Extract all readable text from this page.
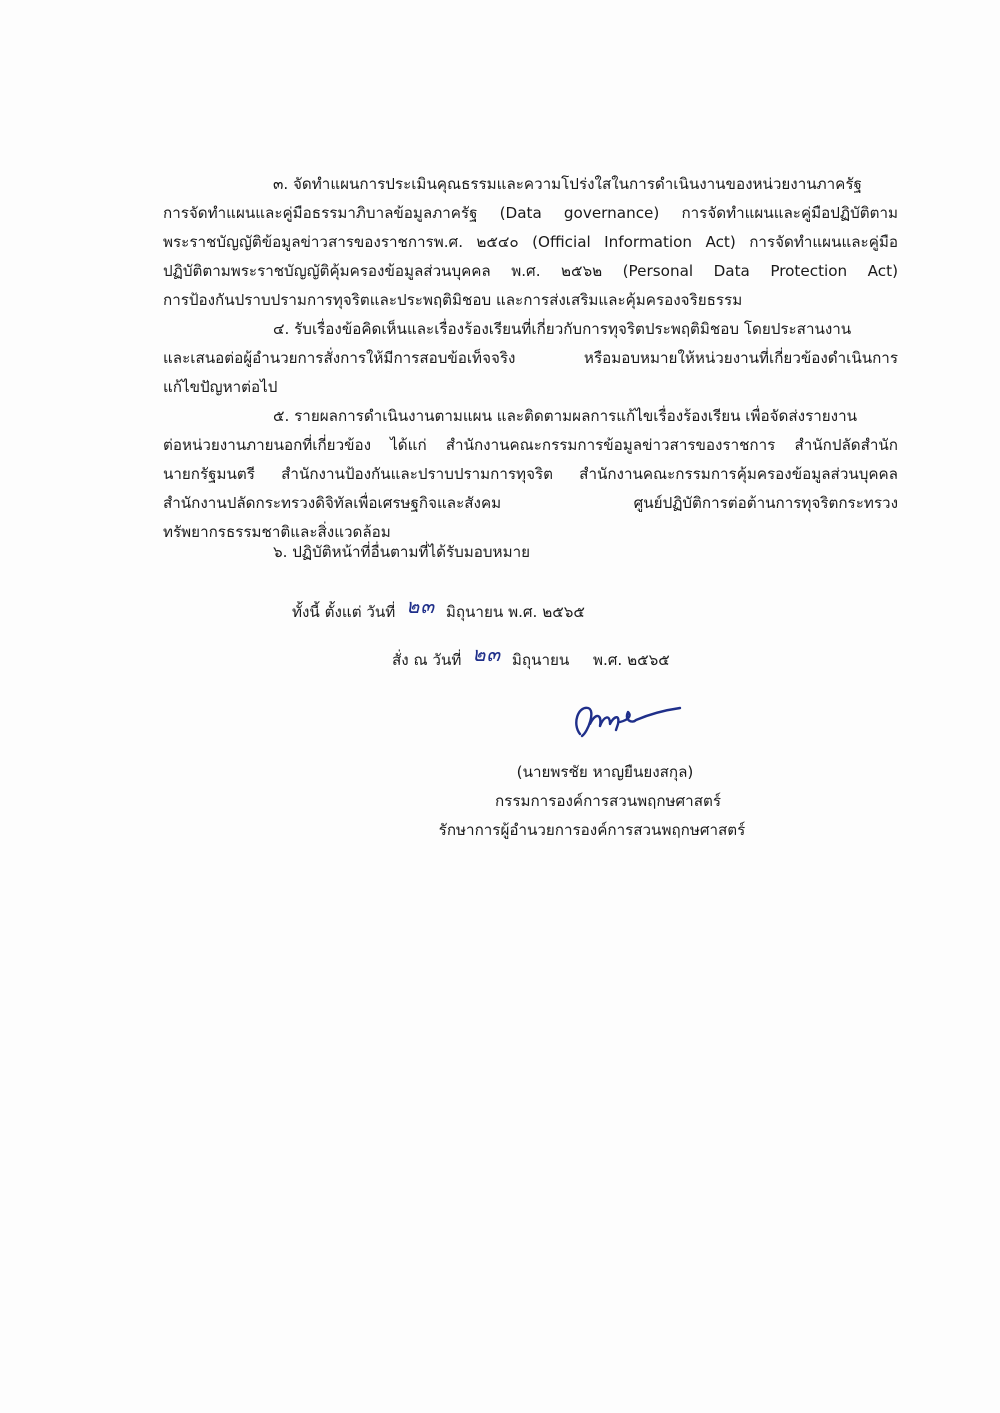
๓. จัดทำแผนการประเมินคุณธรรมและความโปร่งใสในการดำเนินงานของหน่วยงานภาครัฐ
การจัดทำแผนและคู่มือธรรมาภิบาลข้อมูลภาครัฐ (Data governance) การจัดทำแผนและคู่มือปฏิบัติตาม
พระราชบัญญัติข้อมูลข่าวสารของราชการพ.ศ. ๒๕๔๐ (Official Information Act) การจัดทำแผนและคู่มือ
ปฏิบัติตามพระราชบัญญัติคุ้มครองข้อมูลส่วนบุคคล พ.ศ. ๒๕๖๒ (Personal Data Protection Act)
การป้องกันปราบปรามการทุจริตและประพฤติมิชอบ และการส่งเสริมและคุ้มครองจริยธรรม
๔. รับเรื่องข้อคิดเห็นและเรื่องร้องเรียนที่เกี่ยวกับการทุจริตประพฤติมิชอบ โดยประสานงาน
และเสนอต่อผู้อำนวยการสั่งการให้มีการสอบข้อเท็จจริง หรือมอบหมายให้หน่วยงานที่เกี่ยวข้องดำเนินการ
แก้ไขปัญหาต่อไป
๕. รายผลการดำเนินงานตามแผน และติดตามผลการแก้ไขเรื่องร้องเรียน เพื่อจัดส่งรายงาน
ต่อหน่วยงานภายนอกที่เกี่ยวข้อง ได้แก่ สำนักงานคณะกรรมการข้อมูลข่าวสารของราชการ สำนักปลัดสำนัก
นายกรัฐมนตรี สำนักงานป้องกันและปราบปรามการทุจริต สำนักงานคณะกรรมการคุ้มครองข้อมูลส่วนบุคคล
สำนักงานปลัดกระทรวงดิจิทัลเพื่อเศรษฐกิจและสังคม ศูนย์ปฏิบัติการต่อต้านการทุจริตกระทรวง
ทรัพยากรธรรมชาติและสิ่งแวดล้อม
๖. ปฏิบัติหน้าที่อื่นตามที่ได้รับมอบหมาย
ทั้งนี้ ตั้งแต่ วันที่ ๒๓ มิถุนายน พ.ศ. ๒๕๖๕
สั่ง ณ วันที่ ๒๓ มิถุนายน พ.ศ. ๒๕๖๕
(นายพรชัย หาญยืนยงสกุล)
กรรมการองค์การสวนพฤกษศาสตร์
รักษาการผู้อำนวยการองค์การสวนพฤกษศาสตร์
